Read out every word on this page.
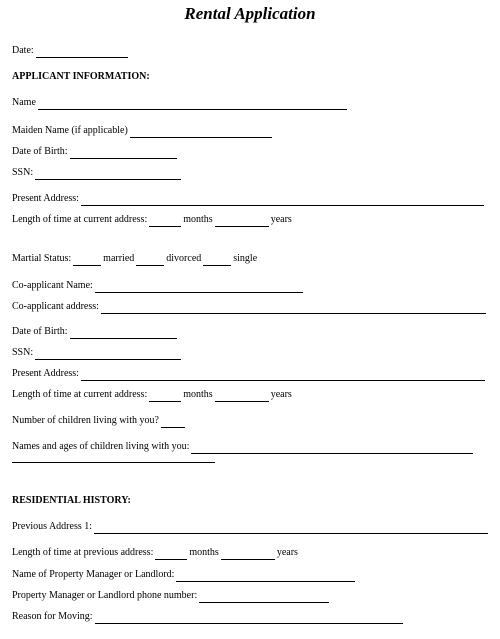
Rental Application
Date:
APPLICANT INFORMATION:
Name
Maiden Name (if applicable)
Date of Birth:
SSN:
Present Address:
Length of time at current address:	months	years
Martial Status:	married	divorced	single
Co-applicant Name:
Co-applicant address:
Date of Birth:
SSN:
Present Address:
Length of time at current address:	months	years
Number of children living with you?
Names and ages of children living with you:
RESIDENTIAL HISTORY:
Previous Address 1:
Length of time at previous address:	months	years
Name of Property Manager or Landlord:
Property Manager or Landlord phone number:
Reason for Moving:
